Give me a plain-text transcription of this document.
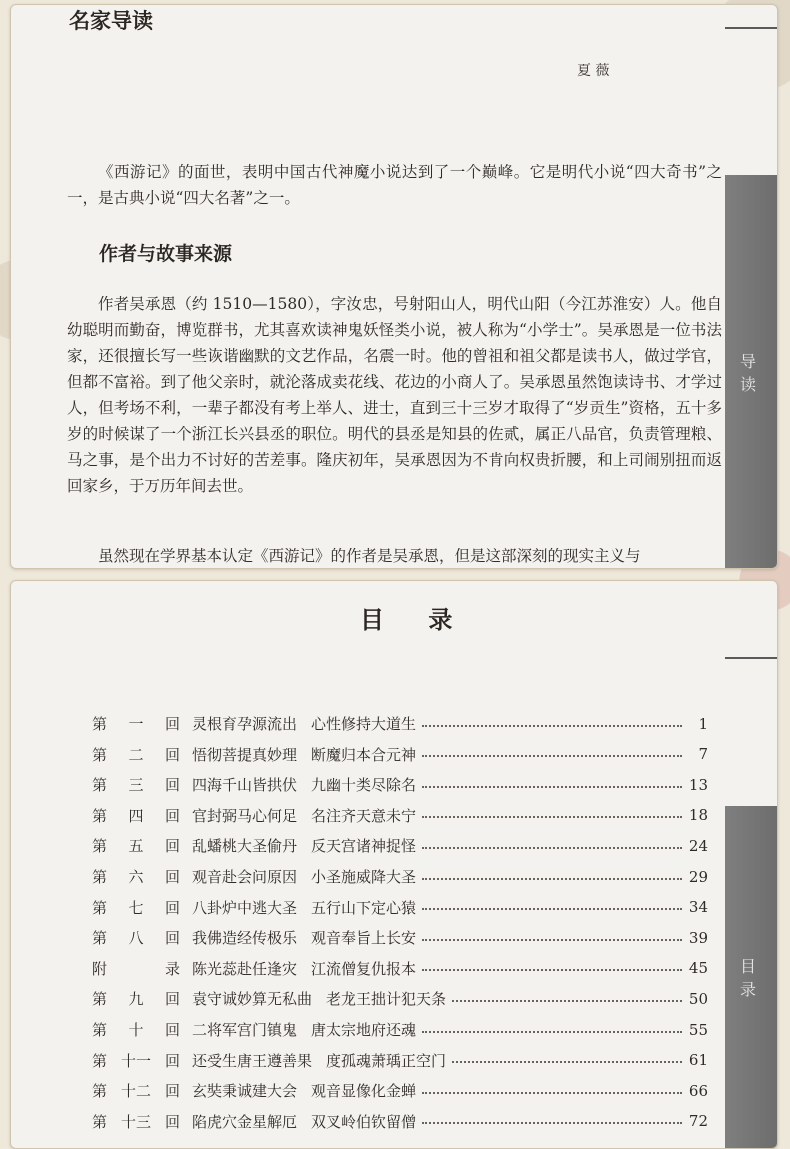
导
读
名家导读
夏 薇
《西游记》的面世，表明中国古代神魔小说达到了一个巅峰。它是明代小说“四大奇书”之一，是古典小说“四大名著”之一。
作者与故事来源
作者吴承恩（约 1510—1580），字汝忠，号射阳山人，明代山阳（今江苏淮安）人。他自幼聪明而勤奋，博览群书，尤其喜欢读神鬼妖怪类小说，被人称为“小学士”。吴承恩是一位书法家，还很擅长写一些诙谐幽默的文艺作品，名震一时。他的曾祖和祖父都是读书人，做过学官，但都不富裕。到了他父亲时，就沦落成卖花线、花边的小商人了。吴承恩虽然饱读诗书、才学过人，但考场不利，一辈子都没有考上举人、进士，直到三十三岁才取得了“岁贡生”资格，五十多岁的时候谋了一个浙江长兴县丞的职位。明代的县丞是知县的佐贰，属正八品官，负责管理粮、马之事，是个出力不讨好的苦差事。隆庆初年，吴承恩因为不肯向权贵折腰，和上司闹别扭而返回家乡，于万历年间去世。
虽然现在学界基本认定《西游记》的作者是吴承恩，但是这部深刻的现实主义与
目
录
目 录
第 一 回 灵根育孕源流出 心性修持大道生	1
第 二 回 悟彻菩提真妙理 断魔归本合元神	7
第 三 回 四海千山皆拱伏 九幽十类尽除名	13
第 四 回 官封弼马心何足 名注齐天意未宁	18
第 五 回 乱蟠桃大圣偷丹 反天宫诸神捉怪	24
第 六 回 观音赴会问原因 小圣施威降大圣	29
第 七 回 八卦炉中逃大圣 五行山下定心猿	34
第 八 回 我佛造经传极乐 观音奉旨上长安	39
附	录 陈光蕊赴任逢灾 江流僧复仇报本	45
第 九 回 袁守诚妙算无私曲 老龙王拙计犯天条	50
第 十 回 二将军宫门镇鬼 唐太宗地府还魂	55
第 十一 回 还受生唐王遵善果 度孤魂萧瑀正空门	61
第 十二 回 玄奘秉诚建大会 观音显像化金蝉	66
第 十三 回 陷虎穴金星解厄 双叉岭伯钦留僧	72
